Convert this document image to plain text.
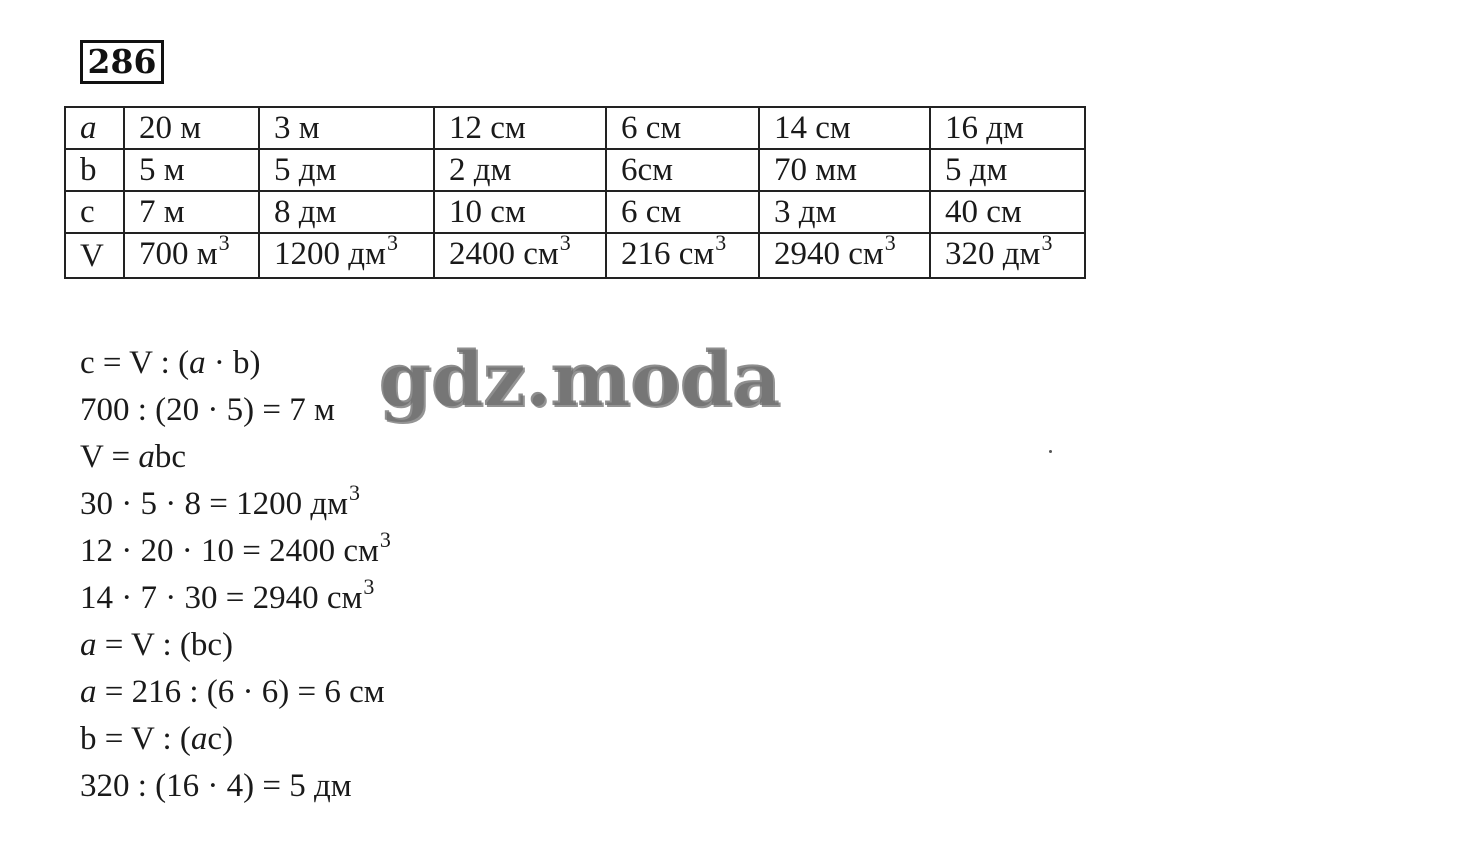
286
a	20 м	3 м	12 см	6 см	14 см	16 дм
b	5 м	5 дм	2 дм	6см	70 мм	5 дм
c	7 м	8 дм	10 см	6 см	3 дм	40 см
V	700 $м^3$	1200 $дм^3$	2400 $см^3$	216 $см^3$	2940 $см^3$	320 $дм^3$
c = V : (a · b)
700 : (20 · 5) = 7 м
V = abc
30 · 5 · 8 = 1200 $дм^3$
12 · 20 · 10 = 2400 $см^3$
14 · 7 · 30 = 2940 $см^3$
a = V : (bc)
a = 216 : (6 · 6) = 6 см
b = V : (ac)
320 : (16 · 4) = 5 дм
gdz.moda
